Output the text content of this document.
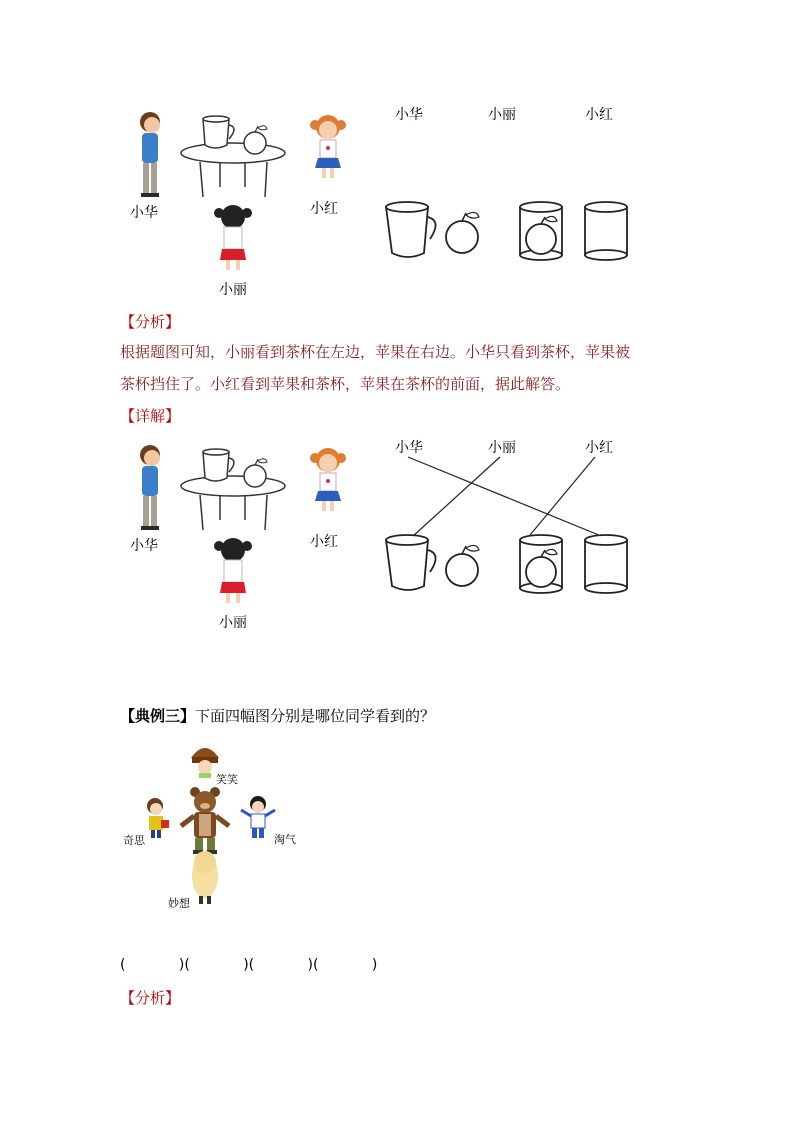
小华	小红
小丽
小华	小丽	小红
【分析】
根据题图可知，小丽看到茶杯在左边，苹果在右边。小华只看到茶杯，苹果被
茶杯挡住了。小红看到苹果和茶杯，苹果在茶杯的前面，据此解答。
【详解】
小华	小红
小丽
小华	小丽	小红
【典例三】下面四幅图分别是哪位同学看到的？
笑笑
奇思	淘气
妙想
(            )(            )(            )(            )
【分析】
